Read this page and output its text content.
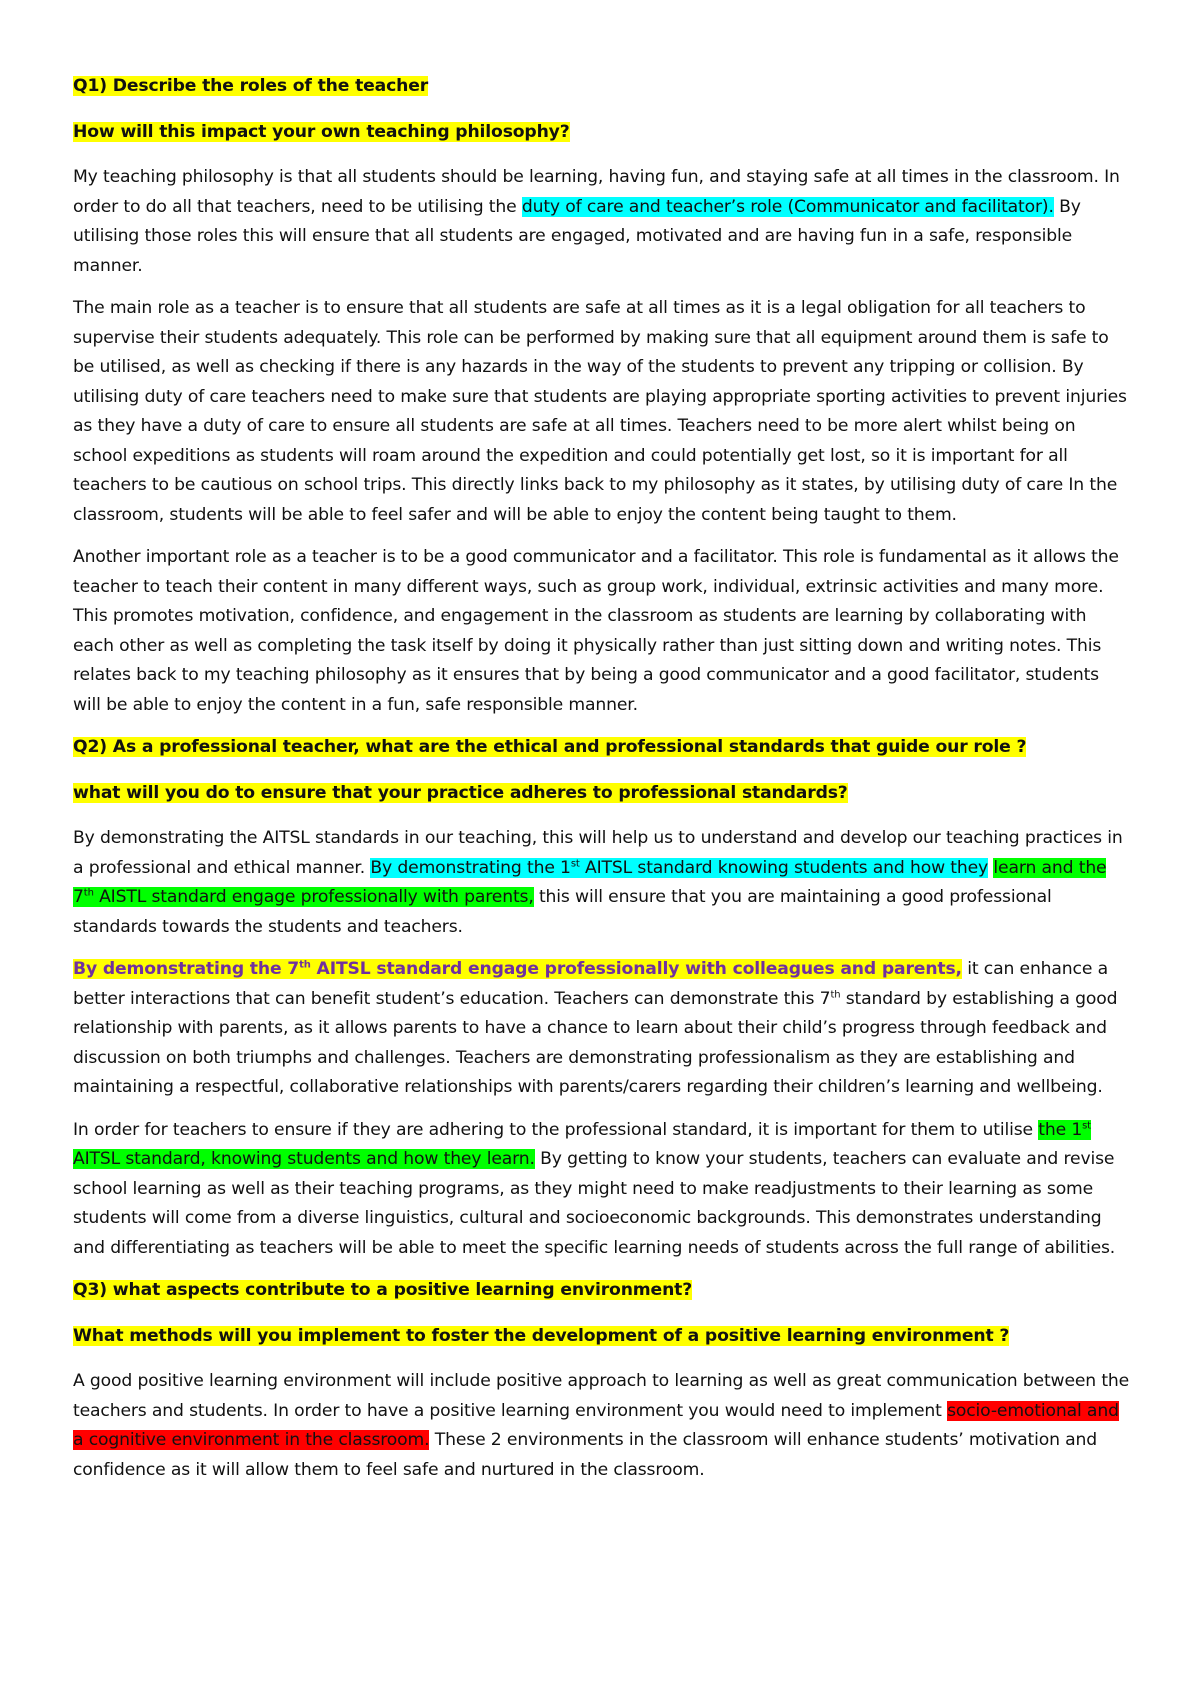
Q1) Describe the roles of the teacher

How will this impact your own teaching philosophy?

My teaching philosophy is that all students should be learning, having fun, and staying safe at all times in the classroom. In order to do all that teachers, need to be utilising the duty of care and teacher’s role (Communicator and facilitator). By utilising those roles this will ensure that all students are engaged, motivated and are having fun in a safe, responsible manner.

The main role as a teacher is to ensure that all students are safe at all times as it is a legal obligation for all teachers to supervise their students adequately. This role can be performed by making sure that all equipment around them is safe to be utilised, as well as checking if there is any hazards in the way of the students to prevent any tripping or collision. By utilising duty of care teachers need to make sure that students are playing appropriate sporting activities to prevent injuries as they have a duty of care to ensure all students are safe at all times. Teachers need to be more alert whilst being on school expeditions as students will roam around the expedition and could potentially get lost, so it is important for all teachers to be cautious on school trips. This directly links back to my philosophy as it states, by utilising duty of care In the classroom, students will be able to feel safer and will be able to enjoy the content being taught to them.

Another important role as a teacher is to be a good communicator and a facilitator. This role is fundamental as it allows the teacher to teach their content in many different ways, such as group work, individual, extrinsic activities and many more. This promotes motivation, confidence, and engagement in the classroom as students are learning by collaborating with each other as well as completing the task itself by doing it physically rather than just sitting down and writing notes. This relates back to my teaching philosophy as it ensures that by being a good communicator and a good facilitator, students will be able to enjoy the content in a fun, safe responsible manner.

Q2) As a professional teacher, what are the ethical and professional standards that guide our role ?

what will you do to ensure that your practice adheres to professional standards?

By demonstrating the AITSL standards in our teaching, this will help us to understand and develop our teaching practices in a professional and ethical manner. By demonstrating the 1st AITSL standard knowing students and how they learn and the 7th AISTL standard engage professionally with parents, this will ensure that you are maintaining a good professional standards towards the students and teachers.

By demonstrating the 7th AITSL standard engage professionally with colleagues and parents, it can enhance a better interactions that can benefit student’s education. Teachers can demonstrate this 7th standard by establishing a good relationship with parents, as it allows parents to have a chance to learn about their child’s progress through feedback and discussion on both triumphs and challenges. Teachers are demonstrating professionalism as they are establishing and maintaining a respectful, collaborative relationships with parents/carers regarding their children’s learning and wellbeing.

In order for teachers to ensure if they are adhering to the professional standard, it is important for them to utilise the 1st AITSL standard, knowing students and how they learn. By getting to know your students, teachers can evaluate and revise school learning as well as their teaching programs, as they might need to make readjustments to their learning as some students will come from a diverse linguistics, cultural and socioeconomic backgrounds. This demonstrates understanding and differentiating as teachers will be able to meet the specific learning needs of students across the full range of abilities.

Q3) what aspects contribute to a positive learning environment?

What methods will you implement to foster the development of a positive learning environment ?

A good positive learning environment will include positive approach to learning as well as great communication between the teachers and students. In order to have a positive learning environment you would need to implement socio-emotional and a cognitive environment in the classroom. These 2 environments in the classroom will enhance students’ motivation and confidence as it will allow them to feel safe and nurtured in the classroom.
